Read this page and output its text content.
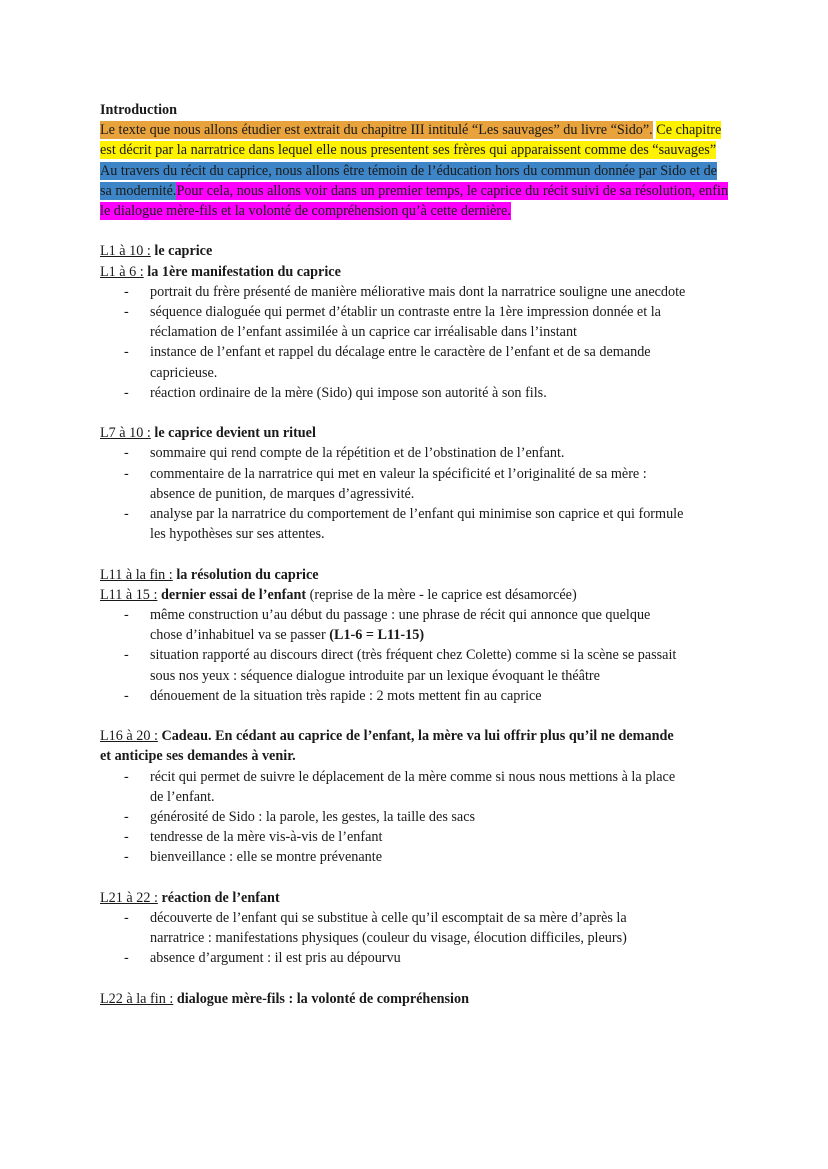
Introduction
Le texte que nous allons étudier est extrait du chapitre III intitulé “Les sauvages” du livre “Sido”. Ce chapitre est décrit par la narratrice dans lequel elle nous presentent ses frères qui apparaissent comme des “sauvages” Au travers du récit du caprice, nous allons être témoin de l’éducation hors du commun donnée par Sido et de sa modernité.Pour cela, nous allons voir dans un premier temps, le caprice du récit suivi de sa résolution, enfin le dialogue mère-fils et la volonté de compréhension qu’à cette dernière.
L1 à 10 : le caprice
L1 à 6 : la 1ère manifestation du caprice
- portrait du frère présenté de manière méliorative mais dont la narratrice souligne une anecdote
- séquence dialoguée qui permet d’établir un contraste entre la 1ère impression donnée et la
réclamation de l’enfant assimilée à un caprice car irréalisable dans l’instant
- instance de l’enfant et rappel du décalage entre le caractère de l’enfant et de sa demande
capricieuse.
- réaction ordinaire de la mère (Sido) qui impose son autorité à son fils.
L7 à 10 : le caprice devient un rituel
- sommaire qui rend compte de la répétition et de l’obstination de l’enfant.
- commentaire de la narratrice qui met en valeur la spécificité et l’originalité de sa mère :
absence de punition, de marques d’agressivité.
- analyse par la narratrice du comportement de l’enfant qui minimise son caprice et qui formule
les hypothèses sur ses attentes.
L11 à la fin : la résolution du caprice
L11 à 15 : dernier essai de l’enfant (reprise de la mère - le caprice est désamorcée)
- même construction u’au début du passage : une phrase de récit qui annonce que quelque
chose d’inhabituel va se passer (L1-6 = L11-15)
- situation rapporté au discours direct (très fréquent chez Colette) comme si la scène se passait
sous nos yeux : séquence dialogue introduite par un lexique évoquant le théâtre
- dénouement de la situation très rapide : 2 mots mettent fin au caprice
L16 à 20 : Cadeau. En cédant au caprice de l’enfant, la mère va lui offrir plus qu’il ne demande
et anticipe ses demandes à venir.
- récit qui permet de suivre le déplacement de la mère comme si nous nous mettions à la place
de l’enfant.
- générosité de Sido : la parole, les gestes, la taille des sacs
- tendresse de la mère vis-à-vis de l’enfant
- bienveillance : elle se montre prévenante
L21 à 22 : réaction de l’enfant
- découverte de l’enfant qui se substitue à celle qu’il escomptait de sa mère d’après la
narratrice : manifestations physiques (couleur du visage, élocution difficiles, pleurs)
- absence d’argument : il est pris au dépourvu
L22 à la fin : dialogue mère-fils : la volonté de compréhension
